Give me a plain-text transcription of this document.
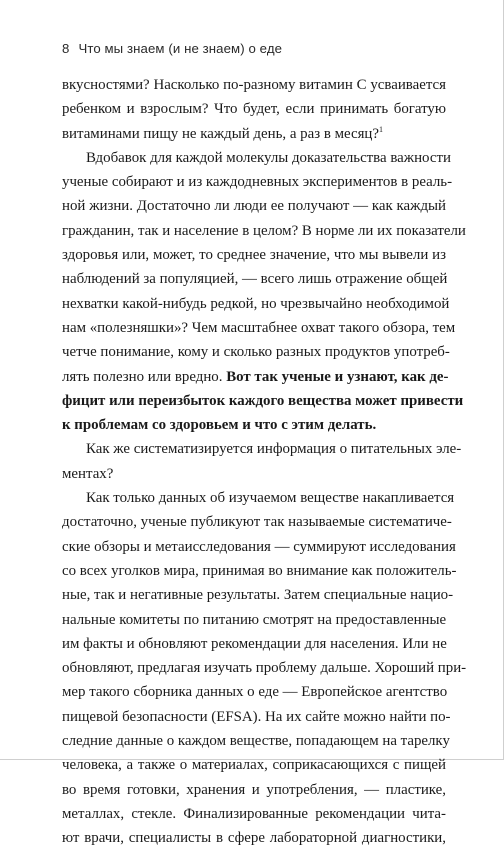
8 Что мы знаем (и не знаем) о еде
вкусностями? Насколько по-разному витамин С усваивается
ребенком и взрослым? Что будет, если принимать богатую
витаминами пищу не каждый день, а раз в месяц?$^1$
Вдобавок для каждой молекулы доказательства важности
ученые собирают и из каждодневных экспериментов в реаль-
ной жизни. Достаточно ли люди ее получают — как каждый
гражданин, так и население в целом? В норме ли их показатели
здоровья или, может, то среднее значение, что мы вывели из
наблюдений за популяцией, — всего лишь отражение общей
нехватки какой-нибудь редкой, но чрезвычайно необходимой
нам «полезняшки»? Чем масштабнее охват такого обзора, тем
четче понимание, кому и сколько разных продуктов употреб-
лять полезно или вредно. Вот так ученые и узнают, как де-
фицит или переизбыток каждого вещества может привести
к проблемам со здоровьем и что с этим делать.
Как же систематизируется информация о питательных эле-
ментах?
Как только данных об изучаемом веществе накапливается
достаточно, ученые публикуют так называемые систематиче-
ские обзоры и метаисследования — суммируют исследования
со всех уголков мира, принимая во внимание как положитель-
ные, так и негативные результаты. Затем специальные нацио-
нальные комитеты по питанию смотрят на предоставленные
им факты и обновляют рекомендации для населения. Или не
обновляют, предлагая изучать проблему дальше. Хороший при-
мер такого сборника данных о еде — Европейское агентство
пищевой безопасности (EFSA). На их сайте можно найти по-
следние данные о каждом веществе, попадающем на тарелку
человека, а также о материалах, соприкасающихся с пищей
во время готовки, хранения и употребления, — пластике,
металлах, стекле. Финализированные рекомендации чита-
ют врачи, специалисты в сфере лабораторной диагностики,
